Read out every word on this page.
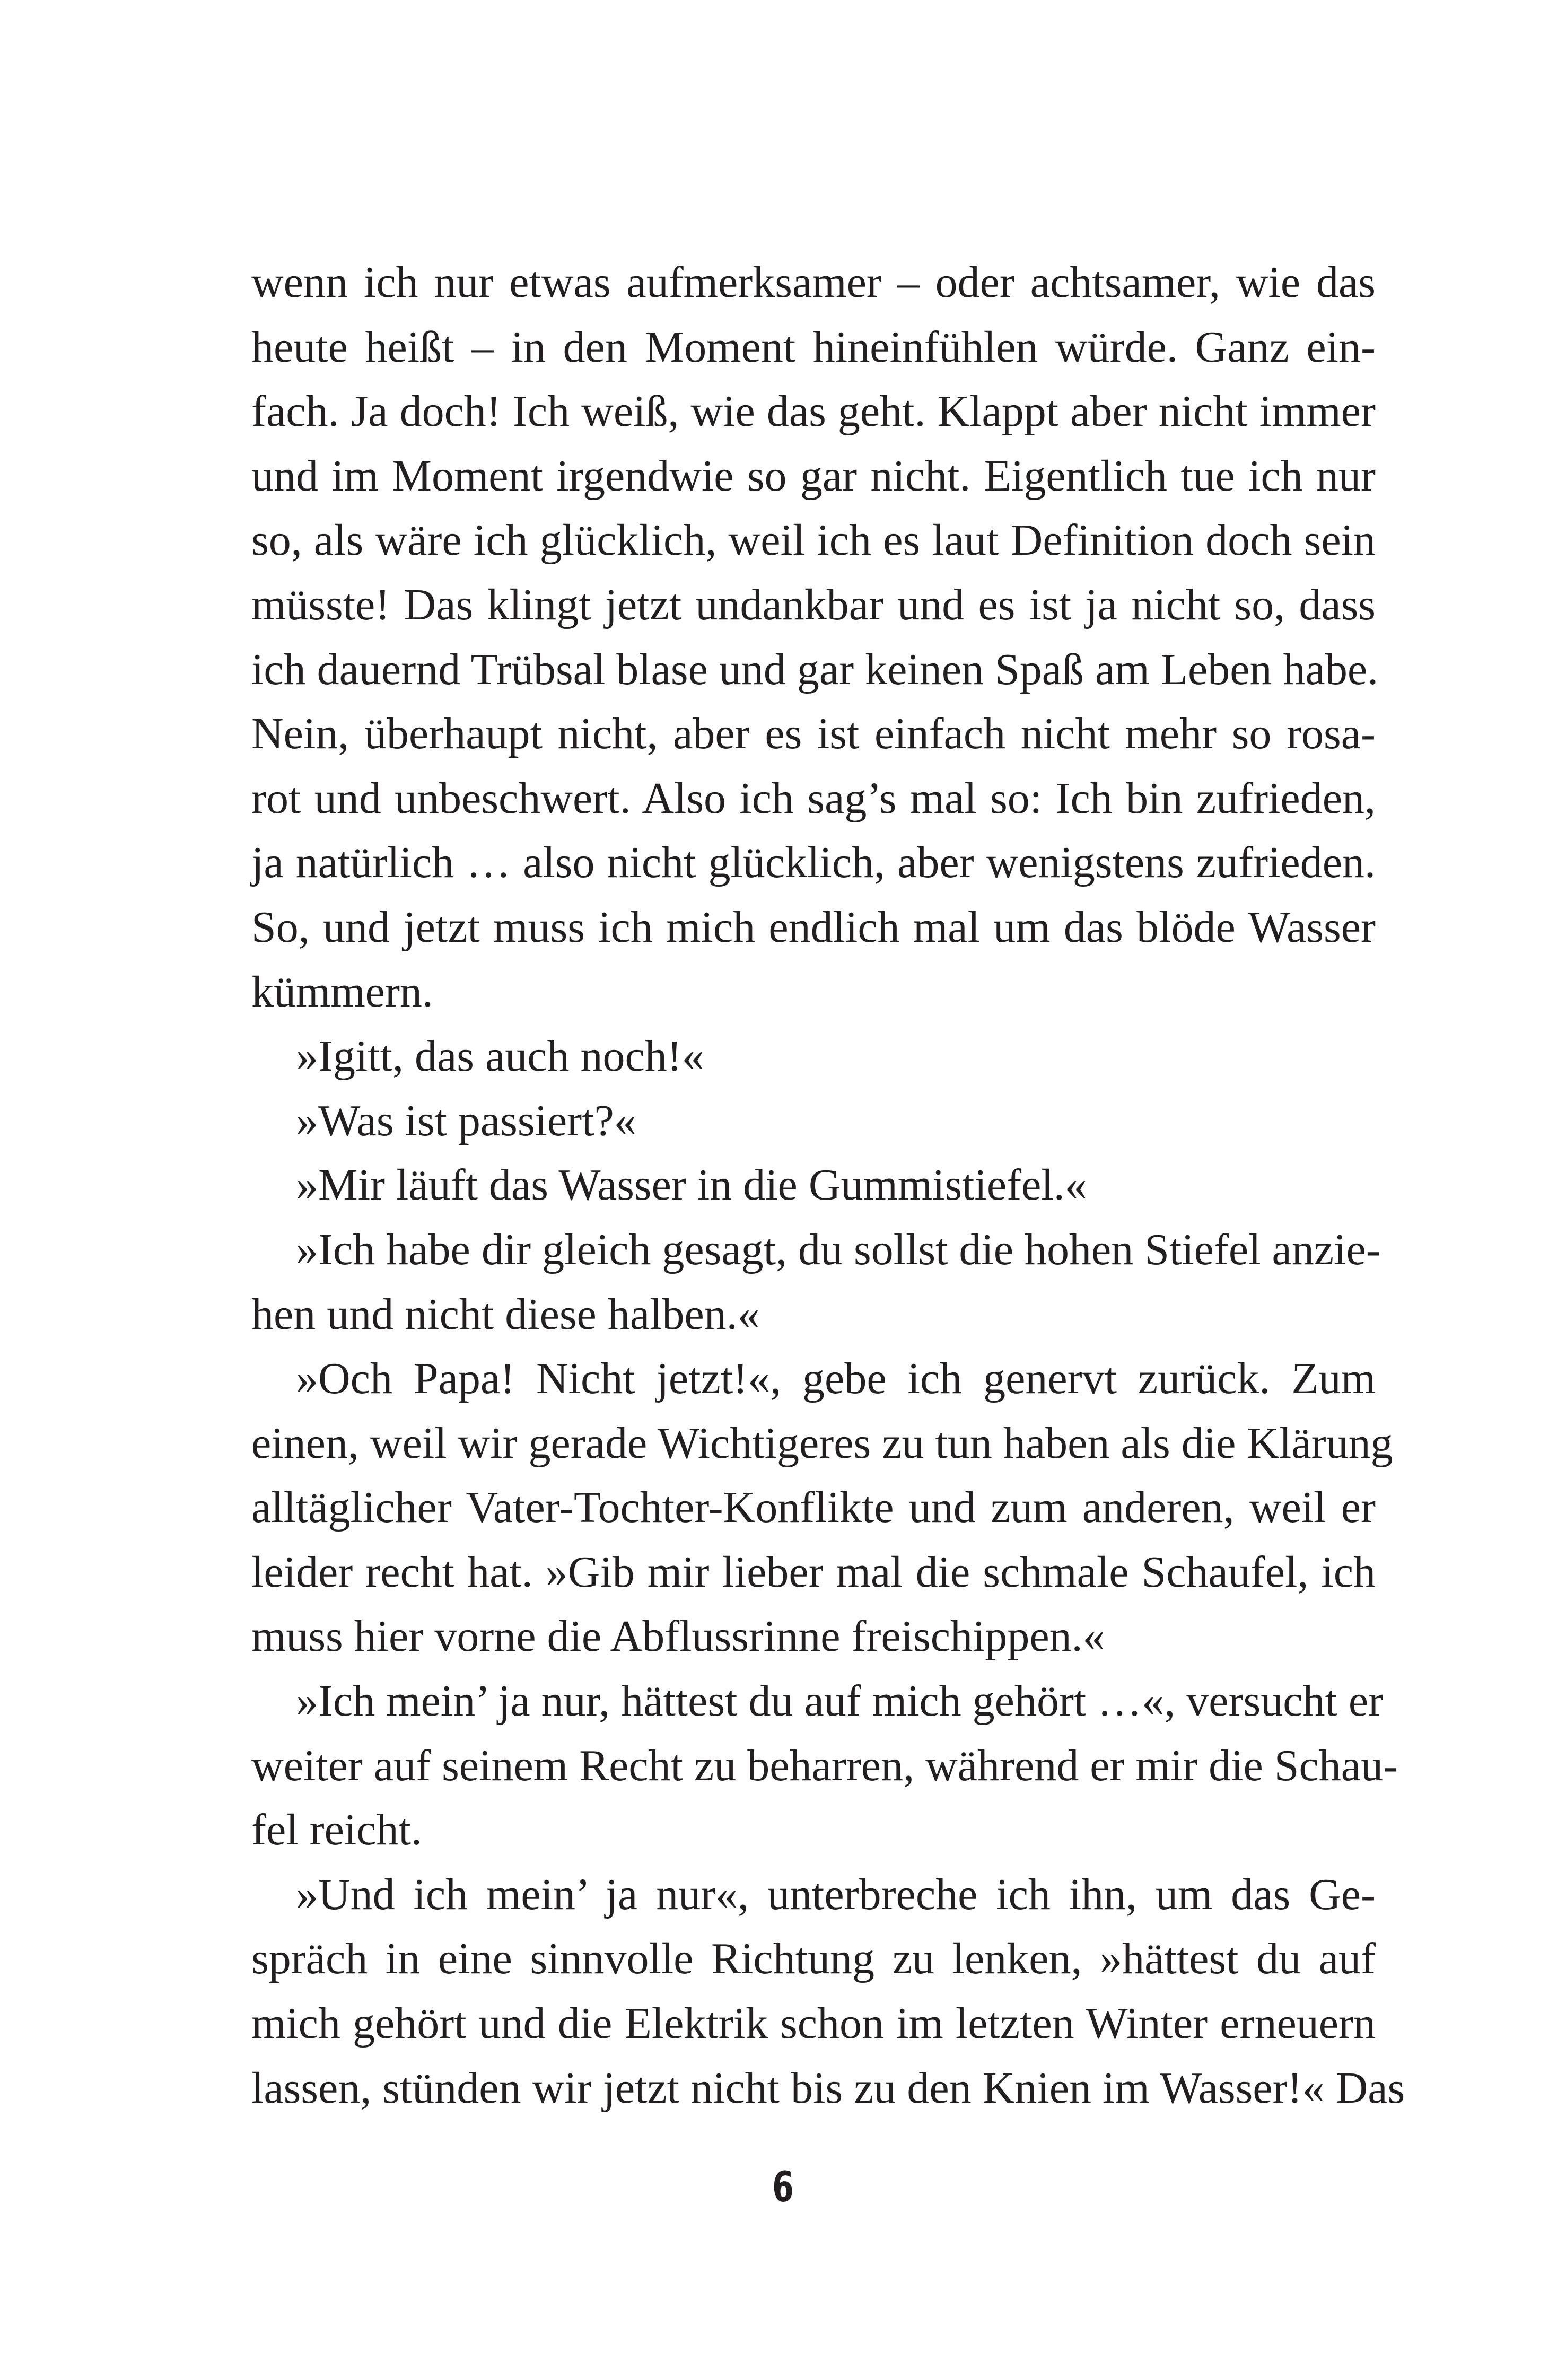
wenn ich nur etwas aufmerksamer – oder achtsamer, wie das
heute heißt – in den Moment hineinfühlen würde. Ganz ein-
fach. Ja doch! Ich weiß, wie das geht. Klappt aber nicht immer
und im Moment irgendwie so gar nicht. Eigentlich tue ich nur
so, als wäre ich glücklich, weil ich es laut Definition doch sein
müsste! Das klingt jetzt undankbar und es ist ja nicht so, dass
ich dauernd Trübsal blase und gar keinen Spaß am Leben habe.
Nein, überhaupt nicht, aber es ist einfach nicht mehr so rosa-
rot und unbeschwert. Also ich sag’s mal so: Ich bin zufrieden,
ja natürlich … also nicht glücklich, aber wenigstens zufrieden.
So, und jetzt muss ich mich endlich mal um das blöde Wasser
kümmern.
»Igitt, das auch noch!«
»Was ist passiert?«
»Mir läuft das Wasser in die Gummistiefel.«
»Ich habe dir gleich gesagt, du sollst die hohen Stiefel anzie-
hen und nicht diese halben.«
»Och Papa! Nicht jetzt!«, gebe ich genervt zurück. Zum
einen, weil wir gerade Wichtigeres zu tun haben als die Klärung
alltäglicher Vater-Tochter-Konflikte und zum anderen, weil er
leider recht hat. »Gib mir lieber mal die schmale Schaufel, ich
muss hier vorne die Abflussrinne freischippen.«
»Ich mein’ ja nur, hättest du auf mich gehört …«, versucht er
weiter auf seinem Recht zu beharren, während er mir die Schau-
fel reicht.
»Und ich mein’ ja nur«, unterbreche ich ihn, um das Ge-
spräch in eine sinnvolle Richtung zu lenken, »hättest du auf
mich gehört und die Elektrik schon im letzten Winter erneuern
lassen, stünden wir jetzt nicht bis zu den Knien im Wasser!« Das
6
